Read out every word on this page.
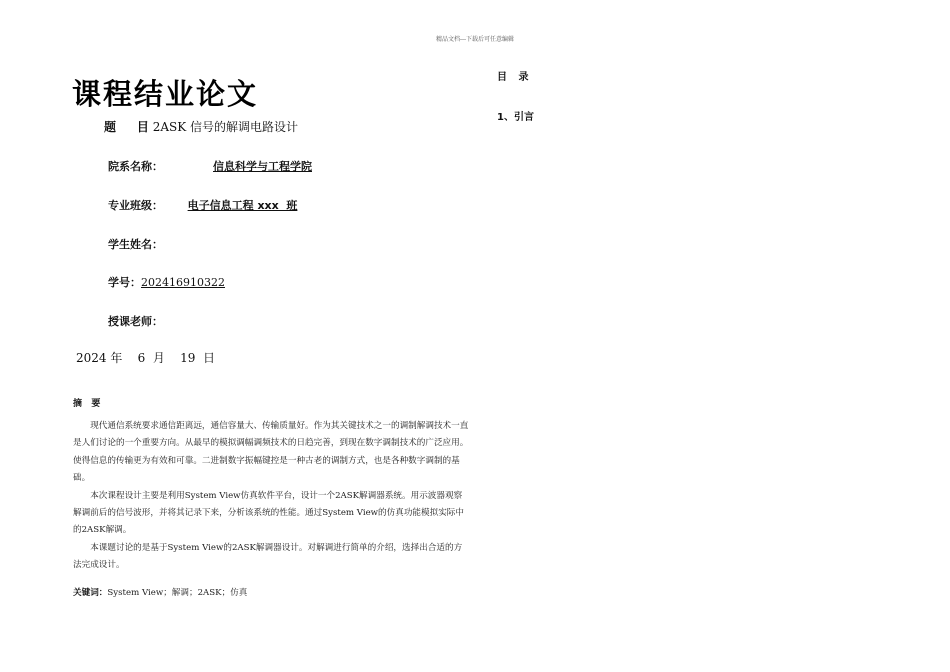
精品文档---下载后可任意编辑
课程结业论文
题     目 2ASK 信号的解调电路设计
院系名称：	信息科学与工程学院
专业班级： 电子信息工程 xxx  班
学生姓名：
学号：202416910322
授课老师：
2024 年    6  月    19  日
摘   要

现代通信系统要求通信距离远，通信容量大、传输质量好。作为其关键技术之一的调制解调技术一直是人们讨论的一个重要方向。从最早的模拟调幅调频技术的日趋完善，到现在数字调制技术的广泛应用。使得信息的传输更为有效和可靠。二进制数字振幅键控是一种古老的调制方式，也是各种数字调制的基础。

本次课程设计主要是利用System View仿真软件平台，设计一个2ASK解调器系统。用示波器观察解调前后的信号波形，并将其记录下来，分析该系统的性能。通过System View的仿真功能模拟实际中的2ASK解调。

本课题讨论的是基于System View的2ASK解调器设计。对解调进行简单的介绍，选择出合适的方法完成设计。

关键词：System View；解调；2ASK；仿真
目 录
1、引言
